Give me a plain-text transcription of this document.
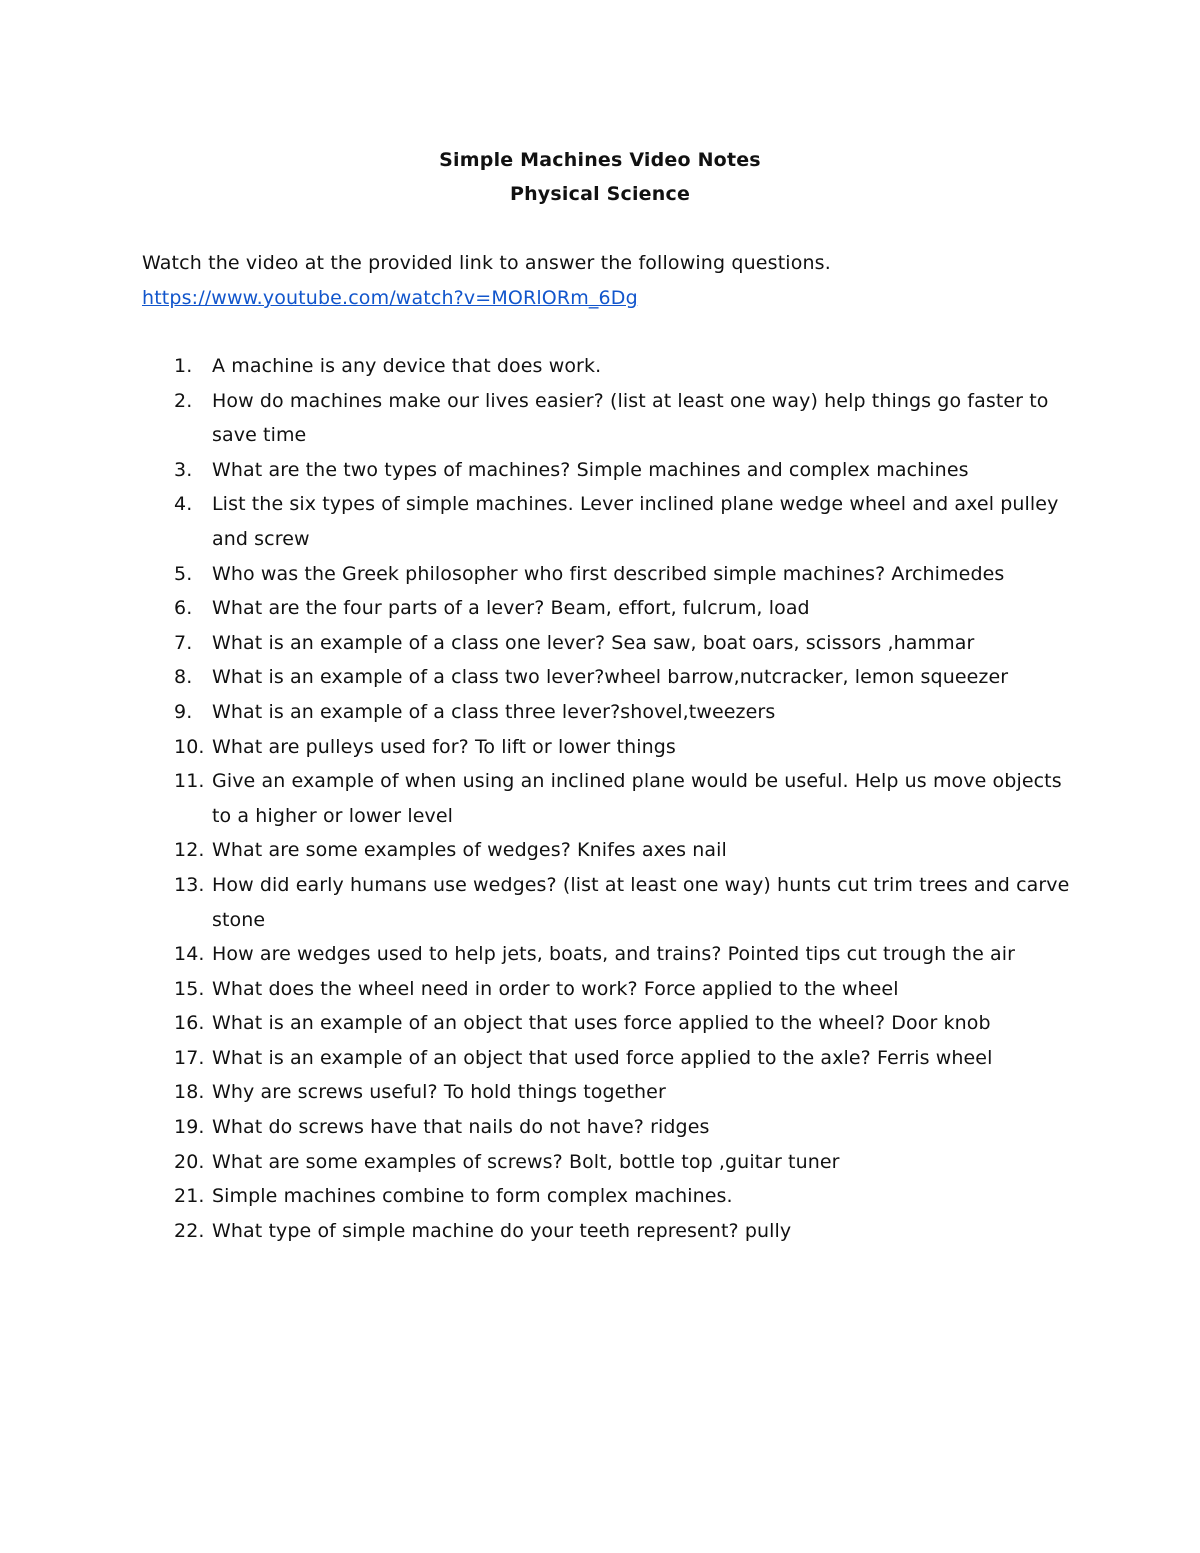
Simple Machines Video Notes
Physical Science
Watch the video at the provided link to answer the following questions.
https://www.youtube.com/watch?v=MORlORm_6Dg
1.	A machine is any device that does work.
2.	How do machines make our lives easier? (list at least one way) help things go faster to save time
3.	What are the two types of machines? Simple machines and complex machines
4.	List the six types of simple machines. Lever inclined plane wedge wheel and axel pulley and screw
5.	Who was the Greek philosopher who first described simple machines? Archimedes
6.	What are the four parts of a lever? Beam, effort, fulcrum, load
7.	What is an example of a class one lever? Sea saw, boat oars, scissors ,hammar
8.	What is an example of a class two lever?wheel barrow,nutcracker, lemon squeezer
9.	What is an example of a class three lever?shovel,tweezers
10. What are pulleys used for? To lift or lower things
11. Give an example of when using an inclined plane would be useful. Help us move objects to a higher or lower level
12. What are some examples of wedges? Knifes axes nail
13. How did early humans use wedges? (list at least one way) hunts cut trim trees and carve stone
14. How are wedges used to help jets, boats, and trains? Pointed tips cut trough the air
15. What does the wheel need in order to work? Force applied to the wheel
16. What is an example of an object that uses force applied to the wheel? Door knob
17. What is an example of an object that used force applied to the axle? Ferris wheel
18. Why are screws useful? To hold things together
19. What do screws have that nails do not have? ridges
20. What are some examples of screws? Bolt, bottle top ,guitar tuner
21. Simple machines combine to form complex machines.
22. What type of simple machine do your teeth represent? pully
